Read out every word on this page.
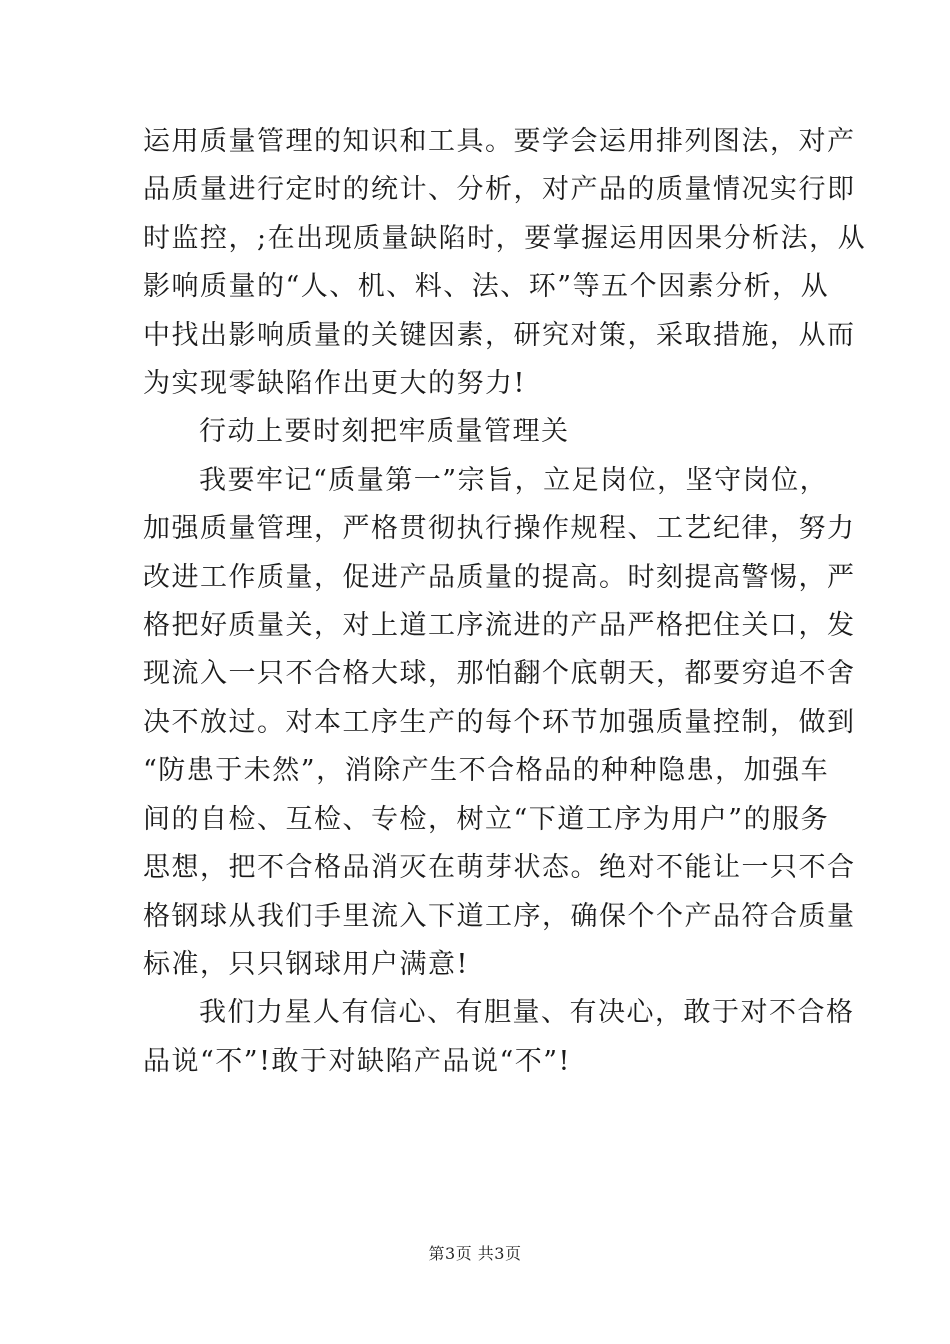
运用质量管理的知识和工具。要学会运用排列图法，对产
品质量进行定时的统计、分析，对产品的质量情况实行即
时监控，;在出现质量缺陷时，要掌握运用因果分析法，从
影响质量的“人、机、料、法、环”等五个因素分析，从
中找出影响质量的关键因素，研究对策，采取措施，从而
为实现零缺陷作出更大的努力!
行动上要时刻把牢质量管理关
我要牢记“质量第一”宗旨，立足岗位，坚守岗位，
加强质量管理，严格贯彻执行操作规程、工艺纪律，努力
改进工作质量，促进产品质量的提高。时刻提高警惕，严
格把好质量关，对上道工序流进的产品严格把住关口，发
现流入一只不合格大球，那怕翻个底朝天，都要穷追不舍
决不放过。对本工序生产的每个环节加强质量控制，做到
“防患于未然”，消除产生不合格品的种种隐患，加强车
间的自检、互检、专检，树立“下道工序为用户”的服务
思想，把不合格品消灭在萌芽状态。绝对不能让一只不合
格钢球从我们手里流入下道工序，确保个个产品符合质量
标准，只只钢球用户满意!
我们力星人有信心、有胆量、有决心，敢于对不合格
品说“不”!敢于对缺陷产品说“不”!
第3页 共3页
